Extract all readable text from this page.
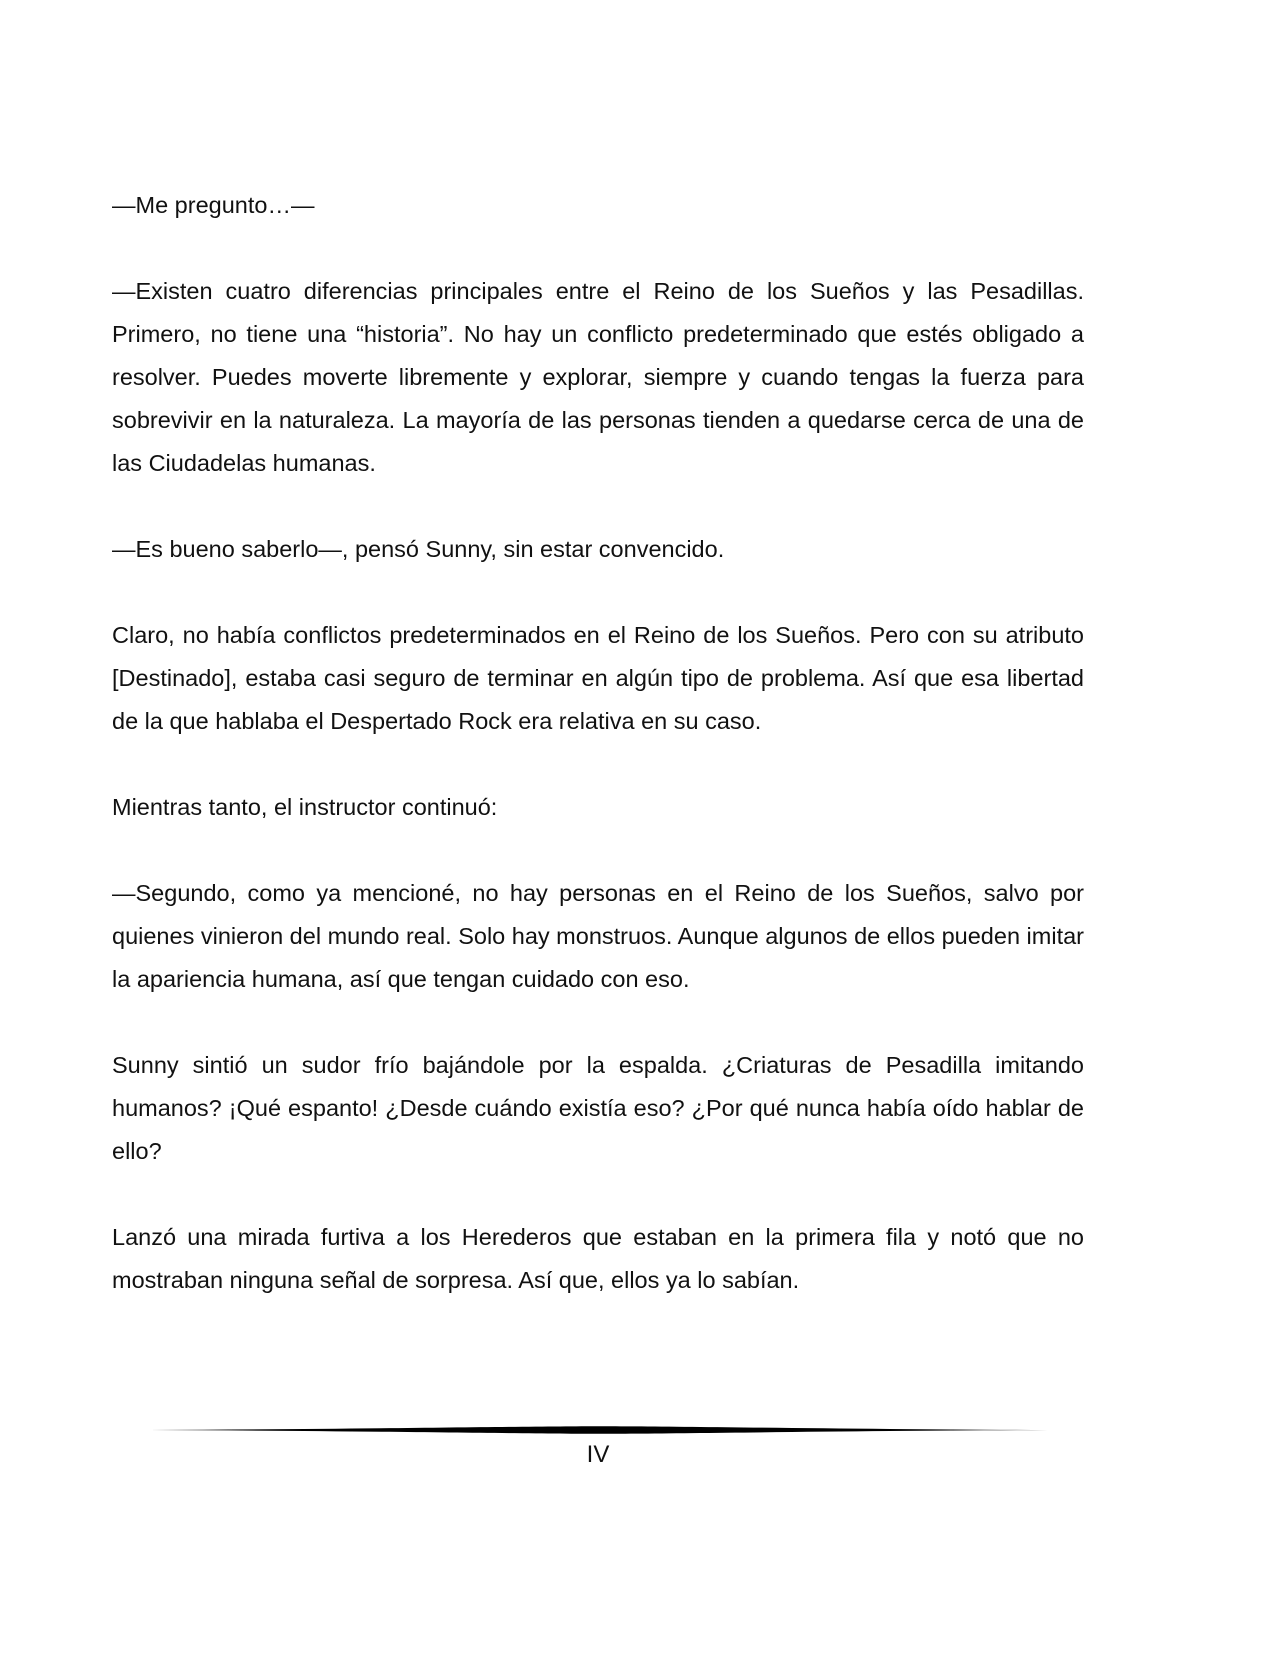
—Me pregunto…—

—Existen cuatro diferencias principales entre el Reino de los Sueños y las Pesadillas. Primero, no tiene una “historia”. No hay un conflicto predeterminado que estés obligado a resolver. Puedes moverte libremente y explorar, siempre y cuando tengas la fuerza para sobrevivir en la naturaleza. La mayoría de las personas tienden a quedarse cerca de una de las Ciudadelas humanas.

—Es bueno saberlo—, pensó Sunny, sin estar convencido.

Claro, no había conflictos predeterminados en el Reino de los Sueños. Pero con su atributo [Destinado], estaba casi seguro de terminar en algún tipo de problema. Así que esa libertad de la que hablaba el Despertado Rock era relativa en su caso.

Mientras tanto, el instructor continuó:

—Segundo, como ya mencioné, no hay personas en el Reino de los Sueños, salvo por quienes vinieron del mundo real. Solo hay monstruos. Aunque algunos de ellos pueden imitar la apariencia humana, así que tengan cuidado con eso.

Sunny sintió un sudor frío bajándole por la espalda. ¿Criaturas de Pesadilla imitando humanos? ¡Qué espanto! ¿Desde cuándo existía eso? ¿Por qué nunca había oído hablar de ello?

Lanzó una mirada furtiva a los Herederos que estaban en la primera fila y notó que no mostraban ninguna señal de sorpresa. Así que, ellos ya lo sabían.

IV
